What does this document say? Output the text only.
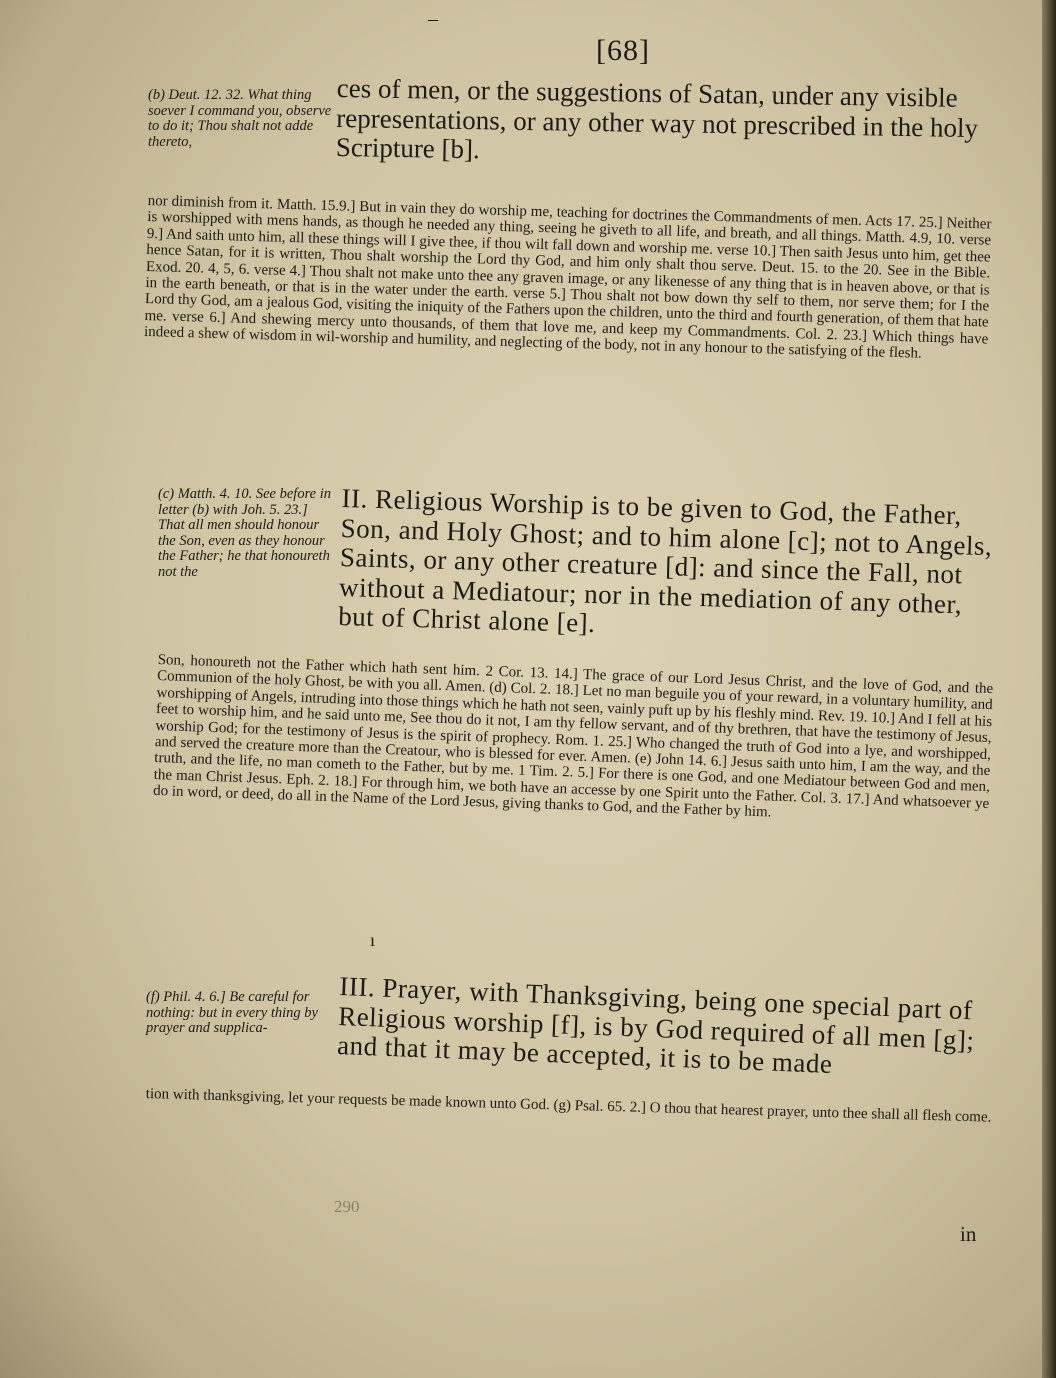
–
[68]

(b) Deut. 12. 32. What thing soever I command you, observe to do it; Thou shalt not adde thereto,

ces of men, or the suggestions of Satan, under any visible representations, or any other way not prescribed in the holy Scripture [b].

nor diminish from it. Matth. 15.9.] But in vain they do worship me, teaching for doctrines the Commandments of men. Acts 17. 25.] Neither is worshipped with mens hands, as though he needed any thing, seeing he giveth to all life, and breath, and all things. Matth. 4.9, 10. verse 9.] And saith unto him, all these things will I give thee, if thou wilt fall down and worship me. verse 10.] Then saith Jesus unto him, get thee hence Satan, for it is written, Thou shalt worship the Lord thy God, and him only shalt thou serve. Deut. 15. to the 20. See in the Bible. Exod. 20. 4, 5, 6. verse 4.] Thou shalt not make unto thee any graven image, or any likenesse of any thing that is in heaven above, or that is in the earth beneath, or that is in the water under the earth. verse 5.] Thou shalt not bow down thy self to them, nor serve them; for I the Lord thy God, am a jealous God, visiting the iniquity of the Fathers upon the children, unto the third and fourth generation, of them that hate me. verse 6.] And shewing mercy unto thousands, of them that love me, and keep my Commandments. Col. 2. 23.] Which things have indeed a shew of wisdom in wil-worship and humility, and neglecting of the body, not in any honour to the satisfying of the flesh.

(c) Matth. 4. 10. See before in letter (b) with Joh. 5. 23.] That all men should honour the Son, even as they honour the Father; he that honoureth not the

II. Religious Worship is to be given to God, the Father, Son, and Holy Ghost; and to him alone [c]; not to Angels, Saints, or any other creature [d]: and since the Fall, not without a Mediatour; nor in the mediation of any other, but of Christ alone [e].

Son, honoureth not the Father which hath sent him. 2 Cor. 13. 14.] The grace of our Lord Jesus Christ, and the love of God, and the Communion of the holy Ghost, be with you all. Amen. (d) Col. 2. 18.] Let no man beguile you of your reward, in a voluntary humility, and worshipping of Angels, intruding into those things which he hath not seen, vainly puft up by his fleshly mind. Rev. 19. 10.] And I fell at his feet to worship him, and he said unto me, See thou do it not, I am thy fellow servant, and of thy brethren, that have the testimony of Jesus, worship God; for the testimony of Jesus is the spirit of prophecy. Rom. 1. 25.] Who changed the truth of God into a lye, and worshipped, and served the creature more than the Creatour, who is blessed for ever. Amen. (e) John 14. 6.] Jesus saith unto him, I am the way, and the truth, and the life, no man cometh to the Father, but by me. 1 Tim. 2. 5.] For there is one God, and one Mediatour between God and men, the man Christ Jesus. Eph. 2. 18.] For through him, we both have an accesse by one Spirit unto the Father. Col. 3. 17.] And whatsoever ye do in word, or deed, do all in the Name of the Lord Jesus, giving thanks to God, and the Father by him.

ı

(f) Phil. 4. 6.] Be careful for nothing: but in every thing by prayer and supplica-

III. Prayer, with Thanksgiving, being one special part of Religious worship [f], is by God required of all men [g]; and that it may be accepted, it is to be made

tion with thanksgiving, let your requests be made known unto God. (g) Psal. 65. 2.] O thou that hearest prayer, unto thee shall all flesh come.

290
in
